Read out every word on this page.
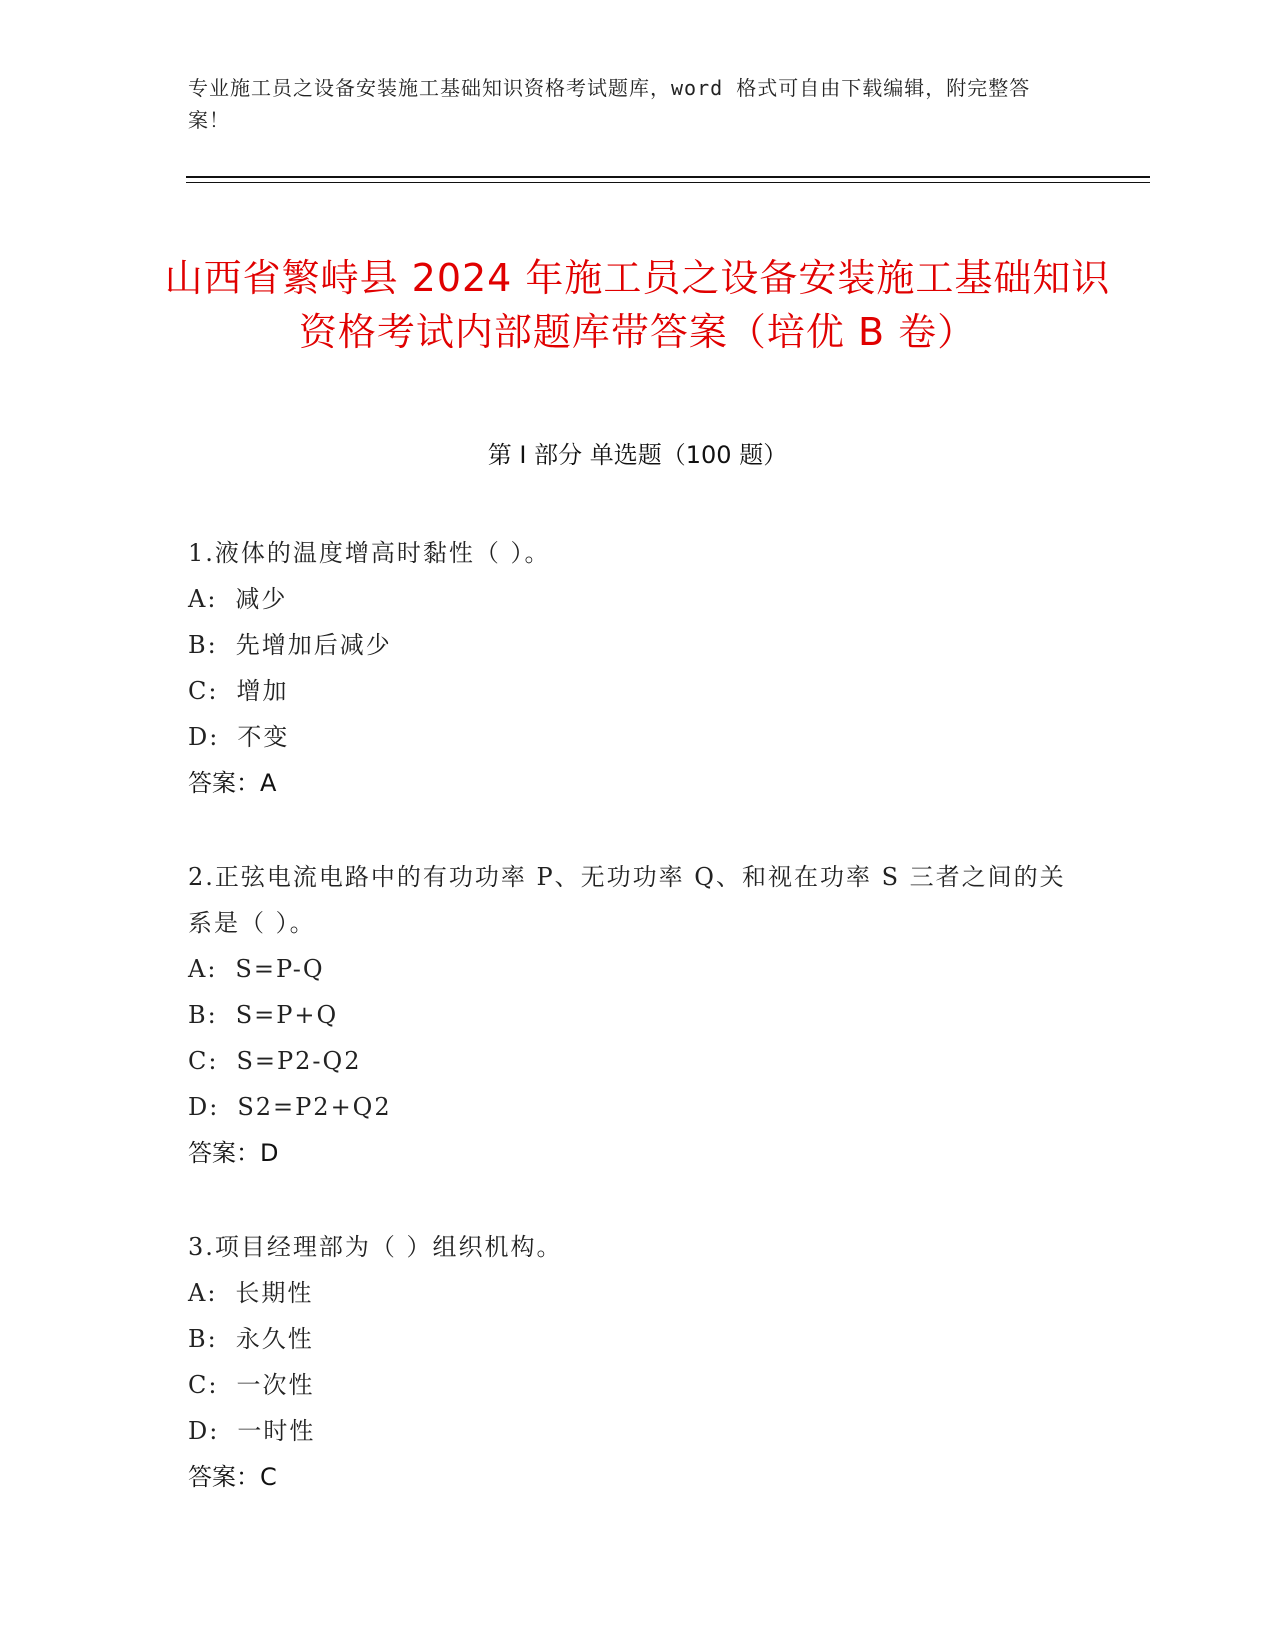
专业施工员之设备安装施工基础知识资格考试题库，word 格式可自由下载编辑，附完整答案！
山西省繁峙县 2024 年施工员之设备安装施工基础知识资格考试内部题库带答案（培优 B 卷）
第 I 部分 单选题（100 题）
1.液体的温度增高时黏性（ ）。
A: 减少
B: 先增加后减少
C: 增加
D: 不变
答案：A
2.正弦电流电路中的有功功率 P、无功功率 Q、和视在功率 S 三者之间的关系是（ ）。
A: S=P-Q
B: S=P+Q
C: S=P2-Q2
D: S2=P2+Q2
答案：D
3.项目经理部为（ ）组织机构。
A: 长期性
B: 永久性
C: 一次性
D: 一时性
答案：C
